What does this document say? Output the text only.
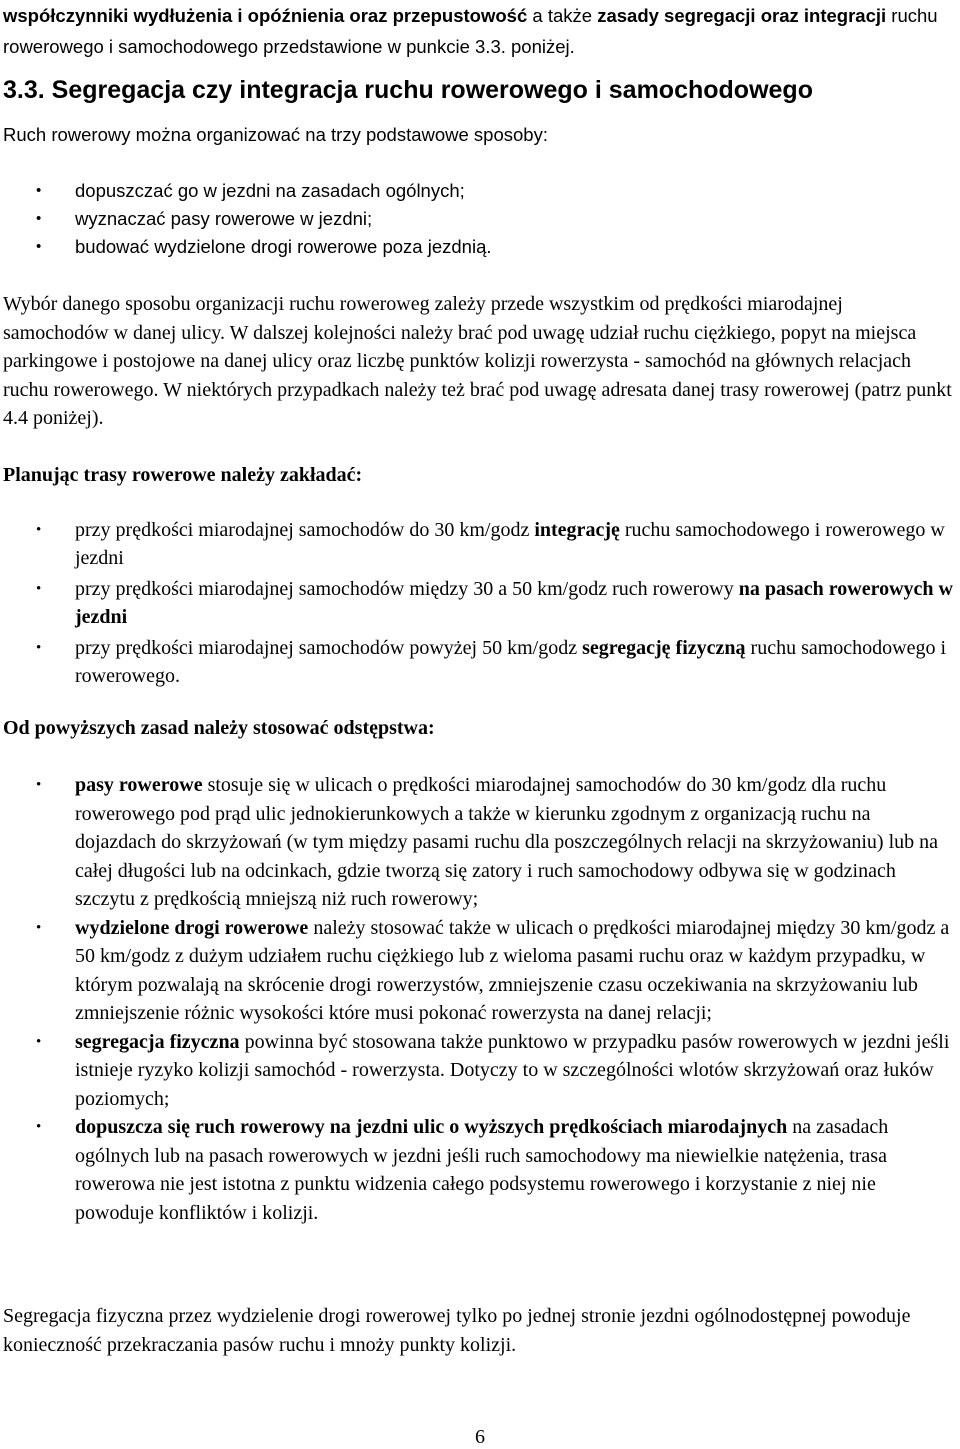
współczynniki wydłużenia i opóźnienia oraz przepustowość a także zasady segregacji oraz integracji ruchu rowerowego i samochodowego przedstawione w punkcie 3.3. poniżej.
3.3. Segregacja czy integracja ruchu rowerowego i samochodowego

Ruch rowerowy można organizować na trzy podstawowe sposoby:

• dopuszczać go w jezdni na zasadach ogólnych;
• wyznaczać pasy rowerowe w jezdni;
• budować wydzielone drogi rowerowe poza jezdnią.

Wybór danego sposobu organizacji ruchu roweroweg zależy przede wszystkim od prędkości miarodajnej samochodów w danej ulicy. W dalszej kolejności należy brać pod uwagę udział ruchu ciężkiego, popyt na miejsca parkingowe i postojowe na danej ulicy oraz liczbę punktów kolizji rowerzysta - samochód na głównych relacjach ruchu rowerowego. W niektórych przypadkach należy też brać pod uwagę adresata danej trasy rowerowej (patrz punkt 4.4 poniżej).

Planując trasy rowerowe należy zakładać:

• przy prędkości miarodajnej samochodów do 30 km/godz integrację ruchu samochodowego i rowerowego w jezdni
• przy prędkości miarodajnej samochodów między 30 a 50 km/godz ruch rowerowy na pasach rowerowych w jezdni
• przy prędkości miarodajnej samochodów powyżej 50 km/godz segregację fizyczną ruchu samochodowego i rowerowego.

Od powyższych zasad należy stosować odstępstwa:

• pasy rowerowe stosuje się w ulicach o prędkości miarodajnej samochodów do 30 km/godz dla ruchu rowerowego pod prąd ulic jednokierunkowych a także w kierunku zgodnym z organizacją ruchu na dojazdach do skrzyżowań (w tym między pasami ruchu dla poszczególnych relacji na skrzyżowaniu) lub na całej długości lub na odcinkach, gdzie tworzą się zatory i ruch samochodowy odbywa się w godzinach szczytu z prędkością mniejszą niż ruch rowerowy;
• wydzielone drogi rowerowe należy stosować także w ulicach o prędkości miarodajnej między 30 km/godz a 50 km/godz z dużym udziałem ruchu ciężkiego lub z wieloma pasami ruchu oraz w każdym przypadku, w którym pozwalają na skrócenie drogi rowerzystów, zmniejszenie czasu oczekiwania na skrzyżowaniu lub zmniejszenie różnic wysokości które musi pokonać rowerzysta na danej relacji;
• segregacja fizyczna powinna być stosowana także punktowo w przypadku pasów rowerowych w jezdni jeśli istnieje ryzyko kolizji samochód - rowerzysta. Dotyczy to w szczególności wlotów skrzyżowań oraz łuków poziomych;
• dopuszcza się ruch rowerowy na jezdni ulic o wyższych prędkościach miarodajnych na zasadach ogólnych lub na pasach rowerowych w jezdni jeśli ruch samochodowy ma niewielkie natężenia, trasa rowerowa nie jest istotna z punktu widzenia całego podsystemu rowerowego i korzystanie z niej nie powoduje konfliktów i kolizji.

Segregacja fizyczna przez wydzielenie drogi rowerowej tylko po jednej stronie jezdni ogólnodostępnej powoduje konieczność przekraczania pasów ruchu i mnoży punkty kolizji.

6
